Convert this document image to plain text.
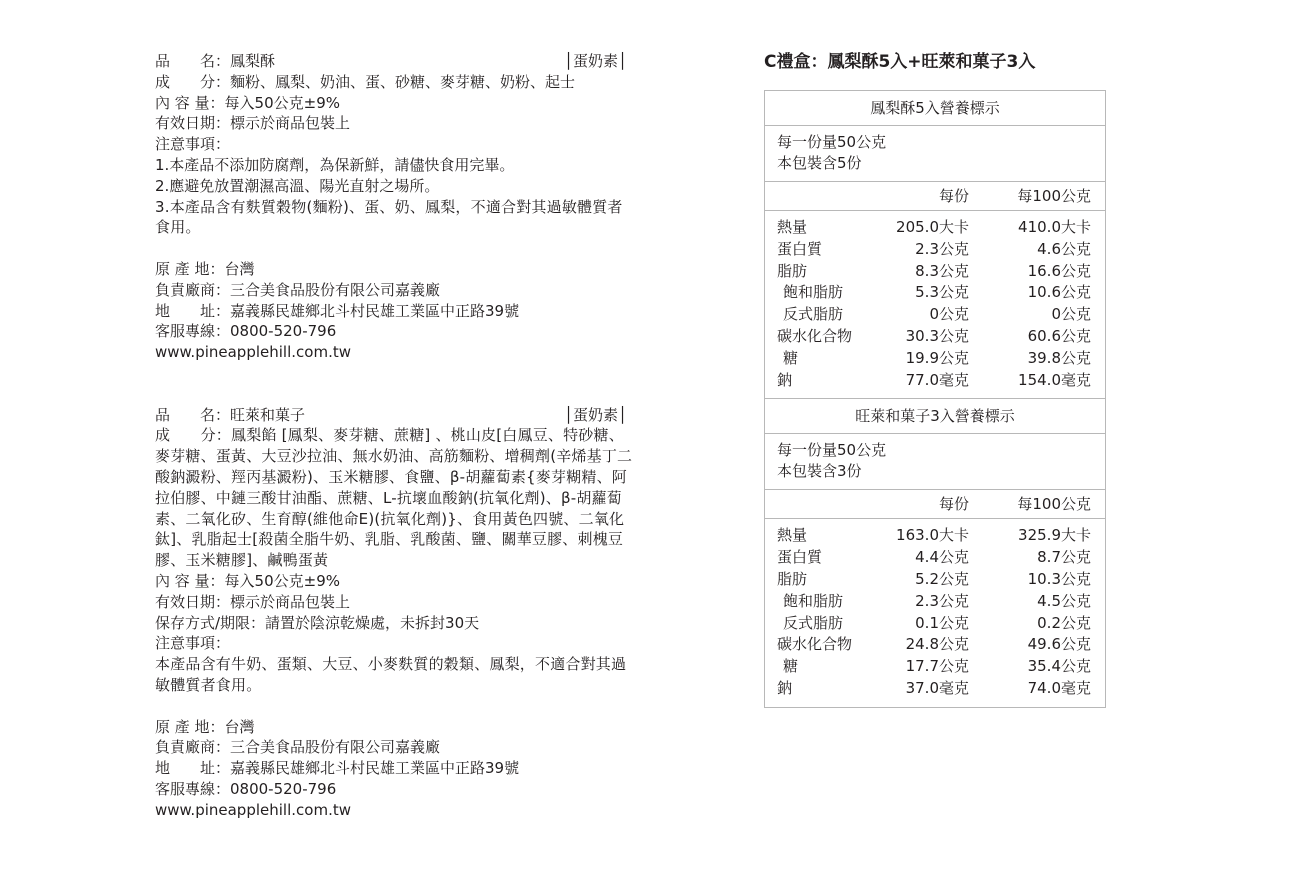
品　　名：鳳梨酥	│蛋奶素│
成　　分：麵粉、鳳梨、奶油、蛋、砂糖、麥芽糖、奶粉、起士
內 容 量：每入50公克±9%
有效日期：標示於商品包裝上
注意事項：
1.本產品不添加防腐劑，為保新鮮，請儘快食用完畢。
2.應避免放置潮濕高溫、陽光直射之場所。
3.本產品含有麩質穀物(麵粉)、蛋、奶、鳳梨，不適合對其過敏體質者食用。
原 產 地：台灣
負責廠商：三合美食品股份有限公司嘉義廠
地　　址：嘉義縣民雄鄉北斗村民雄工業區中正路39號
客服專線：0800-520-796
www.pineapplehill.com.tw
品　　名：旺萊和菓子	│蛋奶素│
成　　分：鳳梨餡 [鳳梨、麥芽糖、蔗糖] 、桃山皮[白鳳豆、特砂糖、麥芽糖、蛋黃、大豆沙拉油、無水奶油、高筋麵粉、增稠劑(辛烯基丁二酸鈉澱粉、羥丙基澱粉)、玉米糖膠、食鹽、β-胡蘿蔔素{麥芽糊精、阿拉伯膠、中鏈三酸甘油酯、蔗糖、L-抗壞血酸鈉(抗氧化劑)、β-胡蘿蔔素、二氧化矽、生育醇(維他命E)(抗氧化劑)}、食用黃色四號、二氧化鈦]、乳脂起士[殺菌全脂牛奶、乳脂、乳酸菌、鹽、關華豆膠、刺槐豆膠、玉米糖膠]、鹹鴨蛋黃
內 容 量：每入50公克±9%
有效日期：標示於商品包裝上
保存方式/期限：請置於陰涼乾燥處，未拆封30天
注意事項：
本產品含有牛奶、蛋類、大豆、小麥麩質的穀類、鳳梨，不適合對其過敏體質者食用。
原 產 地：台灣
負責廠商：三合美食品股份有限公司嘉義廠
地　　址：嘉義縣民雄鄉北斗村民雄工業區中正路39號
客服專線：0800-520-796
www.pineapplehill.com.tw
C禮盒：鳳梨酥5入+旺萊和菓子3入
鳳梨酥5入營養標示
每一份量50公克
本包裝含5份
每份	每100公克
熱量	205.0大卡	410.0大卡
蛋白質	2.3公克	4.6公克
脂肪	8.3公克	16.6公克
飽和脂肪	5.3公克	10.6公克
反式脂肪	0公克	0公克
碳水化合物	30.3公克	60.6公克
糖	19.9公克	39.8公克
鈉	77.0毫克	154.0毫克
旺萊和菓子3入營養標示
每一份量50公克
本包裝含3份
每份	每100公克
熱量	163.0大卡	325.9大卡
蛋白質	4.4公克	8.7公克
脂肪	5.2公克	10.3公克
飽和脂肪	2.3公克	4.5公克
反式脂肪	0.1公克	0.2公克
碳水化合物	24.8公克	49.6公克
糖	17.7公克	35.4公克
鈉	37.0毫克	74.0毫克
